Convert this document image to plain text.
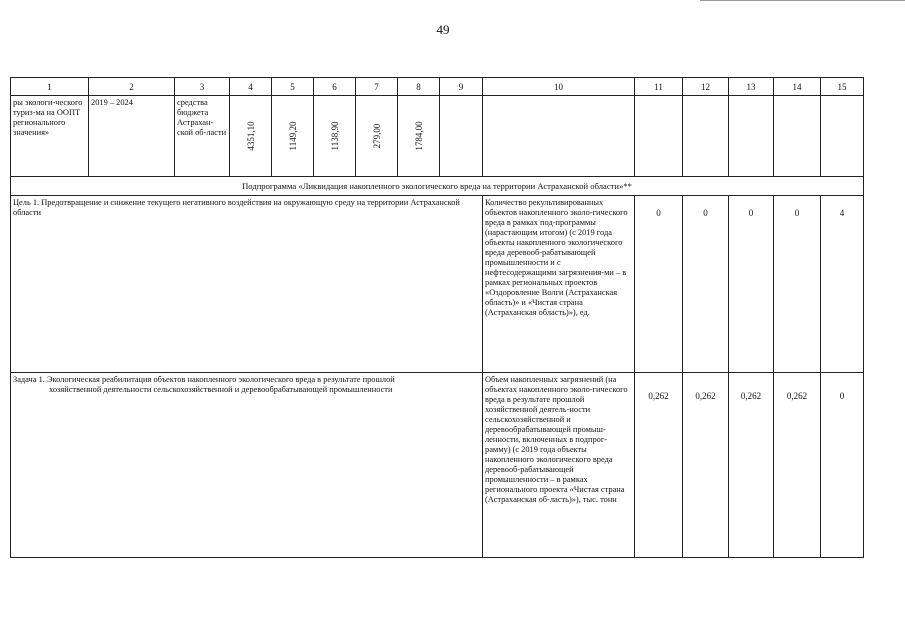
49
1	2	3	4	5	6	7	8	9	10	11	12	13	14	15
ры экологи-ческого туриз-ма на ООПТ регионального значения»	2019 – 2024	средства бюджета Астрахан-ской об-ласти	4351,10	1149,20	1138,90	279,00	1784,00							

Подпрограмма «Ликвидация накопленного экологического вреда на территории Астраханской области»**														
Цель 1. Предотвращение и снижение текущего негативного воздействия на окружающую среду на территории Астраханской области									Количество рекультивированных объектов накопленного эколо-гического вреда в рамках под-программы (нарастающим итогом) (с 2019 года объекты накопленного экологического вреда деревооб-рабатывающей промышленности и с нефтесодержащими загрязнения-ми – в рамках региональных проектов «Оздоровление Волги (Астраханская область)» и «Чистая страна (Астраханская область)»), ед.	0	0	0	0	4
Задача 1. Экологическая реабилитация объектов накопленного экологического вреда в результате прошлой
хозяйственной деятельности сельскохозяйственной и деревообрабатывающей промышленности									Объем накопленных загрязнений (на объектах накопленного эколо-гического вреда в результате прошлой хозяйственной деятель-ности сельскохозяйственной и деревообрабатывающей промыш-ленности, включенных в подпрог-рамму) (с 2019 года объекты накопленного экологического вреда деревооб-рабатывающей промышленности – в рамках регионального проекта «Чистая страна (Астраханская об-ласть)»), тыс. тонн	0,262	0,262	0,262	0,262	0
